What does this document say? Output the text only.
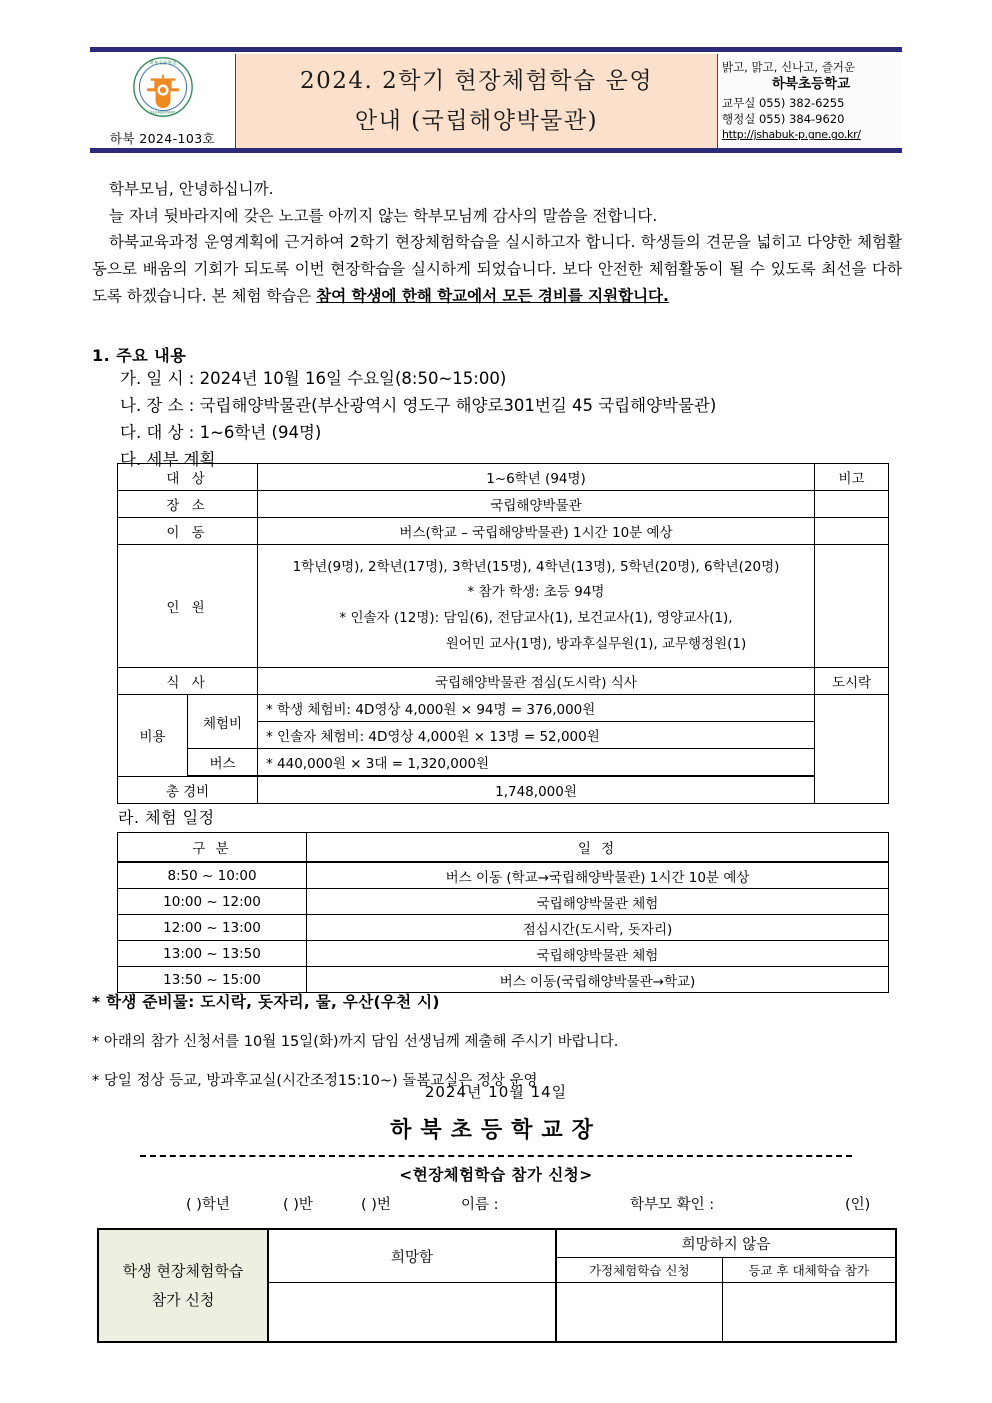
하북초등학교
ELEMENTARY
하북 2024-103호
2024. 2학기 현장체험학습 운영
안내 (국립해양박물관)
밝고, 맑고, 신나고, 즐거운
하북초등학교
교무실 055) 382-6255
행정실 055) 384-9620
http://jshabuk-p.gne.go.kr/

학부모님, 안녕하십니까.

늘 자녀 뒷바라지에 갖은 노고를 아끼지 않는 학부모님께 감사의 말씀을 전합니다.

하북교육과정 운영계획에 근거하여 2학기 현장체험학습을 실시하고자 합니다. 학생들의 견문을 넓히고 다양한 체험활동으로 배움의 기회가 되도록 이번 현장학습을 실시하게 되었습니다. 보다 안전한 체험활동이 될 수 있도록 최선을 다하도록 하겠습니다. 본 체험 학습은 참여 학생에 한해 학교에서 모든 경비를 지원합니다.

1. 주요 내용
가. 일 시 : 2024년 10월 16일 수요일(8:50~15:00)
나. 장 소 : 국립해양박물관(부산광역시 영도구 해양로301번길 45 국립해양박물관)
다. 대 상 : 1~6학년 (94명)
다. 세부 계획
대 상		1~6학년 (94명)	비고
장 소		국립해양박물관	
이 동		버스(학교 – 국립해양박물관) 1시간 10분 예상	
인 원		1학년(9명), 2학년(17명), 3학년(15명), 4학년(13명), 5학년(20명), 6학년(20명)
* 참가 학생: 초등 94명
* 인솔자 (12명): 담임(6), 전담교사(1), 보건교사(1), 영양교사(1),
원어민 교사(1명), 방과후실무원(1), 교무행정원(1)	

식 사		국립해양박물관 점심(도시락) 식사	도시락
비용	체험비	* 학생 체험비: 4D영상 4,000원 × 94명 = 376,000원	
		* 인솔자 체험비: 4D영상 4,000원 × 13명 = 52,000원	
	버스	* 440,000원 × 3대 = 1,320,000원	
총 경비		1,748,000원	
라. 체험 일정
구 분	일 정
8:50 ~ 10:00	버스 이동 (학교→국립해양박물관) 1시간 10분 예상
10:00 ~ 12:00	국립해양박물관 체험
12:00 ~ 13:00	점심시간(도시락, 돗자리)
13:00 ~ 13:50	국립해양박물관 체험
13:50 ~ 15:00	버스 이동(국립해양박물관→학교)
* 학생 준비물: 도시락, 돗자리, 물, 우산(우천 시)
* 아래의 참가 신청서를 10월 15일(화)까지 담임 선생님께 제출해 주시기 바랍니다.
* 당일 정상 등교, 방과후교실(시간조정15:10~) 돌봄교실은 정상 운영
2024년 10월 14일
하북초등학교장
<현장체험학습 참가 신청>
( )학년	( )반	( )번	이름 :	학부모 확인 :	(인)
학생 현장체험학습
참가 신청	희망함	희망하지 않음	
		가정체험학습 신청	등교 후 대체학습 참가
